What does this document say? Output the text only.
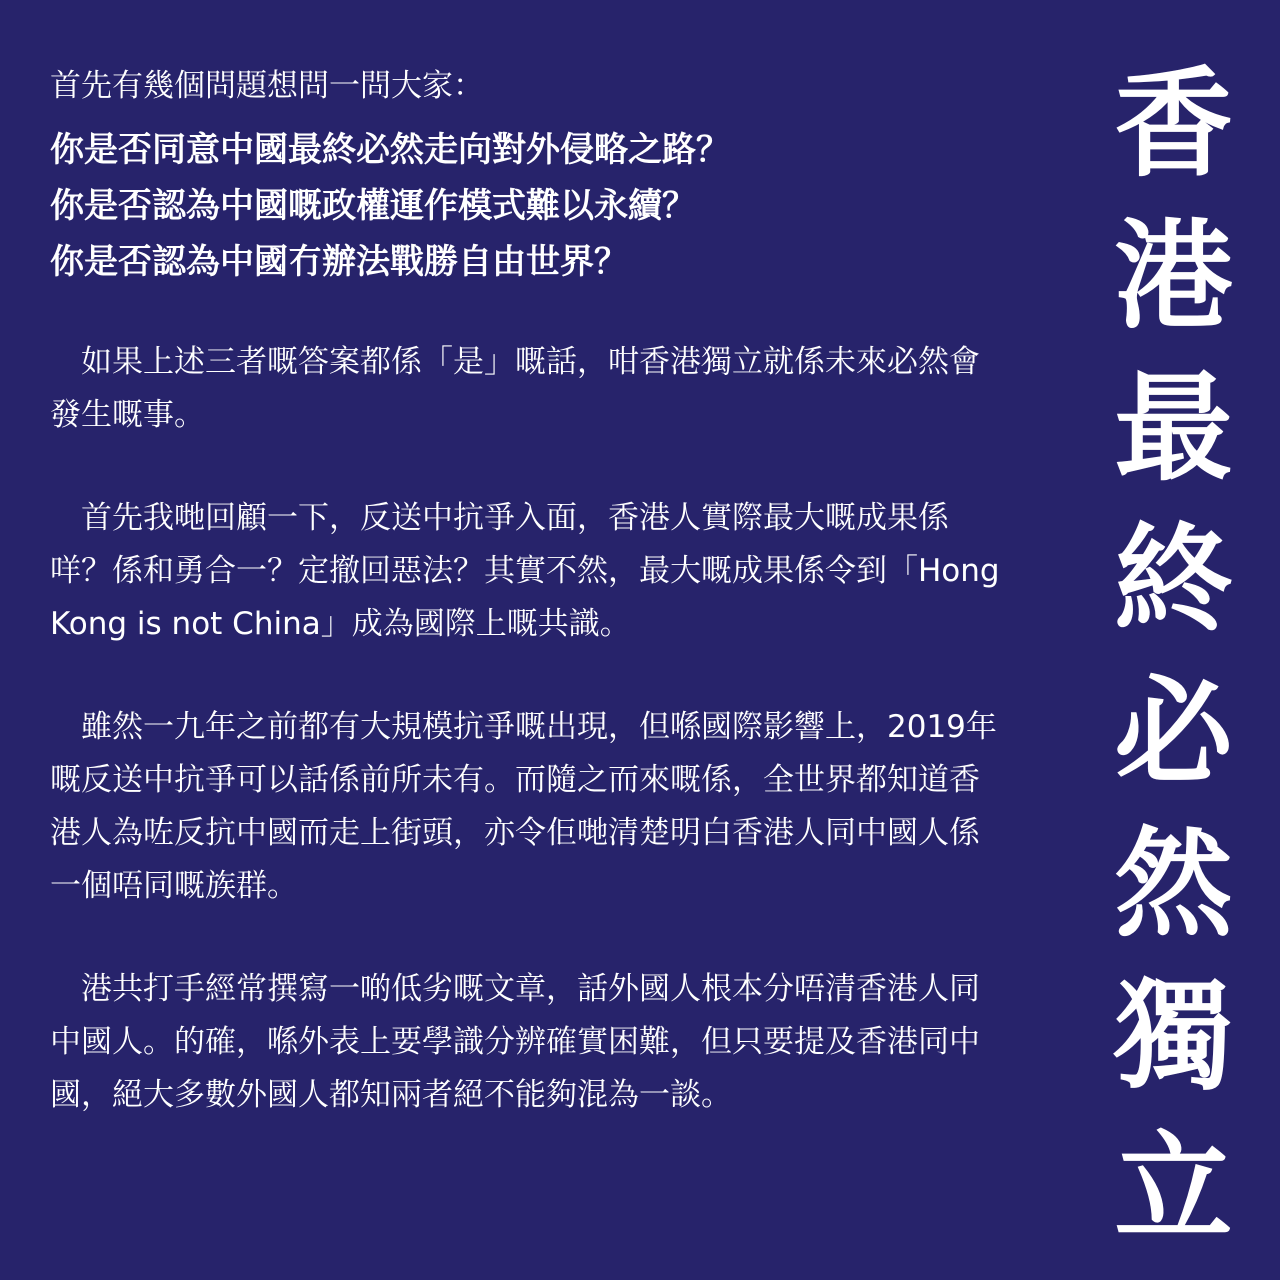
首先有幾個問題想問一問大家：

你是否同意中國最終必然走向對外侵略之路？
你是否認為中國嘅政權運作模式難以永續？
你是否認為中國冇辦法戰勝自由世界？

如果上述三者嘅答案都係「是」嘅話，咁香港獨立就係未來必然會發生嘅事。

首先我哋回顧一下，反送中抗爭入面，香港人實際最大嘅成果係咩？係和勇合一？定撤回惡法？其實不然，最大嘅成果係令到「Hong Kong is not China」成為國際上嘅共識。

雖然一九年之前都有大規模抗爭嘅出現，但喺國際影響上，2019年嘅反送中抗爭可以話係前所未有。而隨之而來嘅係，全世界都知道香港人為咗反抗中國而走上街頭，亦令佢哋清楚明白香港人同中國人係一個唔同嘅族群。

港共打手經常撰寫一啲低劣嘅文章，話外國人根本分唔清香港人同中國人。的確，喺外表上要學識分辨確實困難，但只要提及香港同中國，絕大多數外國人都知兩者絕不能夠混為一談。

香港最終必然獨立
